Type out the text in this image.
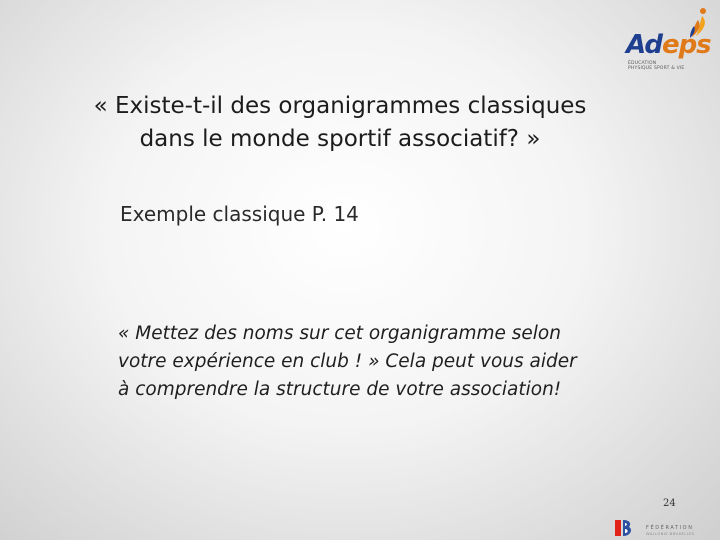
Adeps
ÉDUCATION
PHYSIQUE SPORT & VIE
« Existe-t-il des organigrammes classiques
dans le monde sportif associatif? »

Exemple classique P. 14

« Mettez des noms sur cet organigramme selon
votre expérience en club ! » Cela peut vous aider
à comprendre la structure de votre association!
24
FÉDÉRATION
WALLONIE-BRUXELLES
